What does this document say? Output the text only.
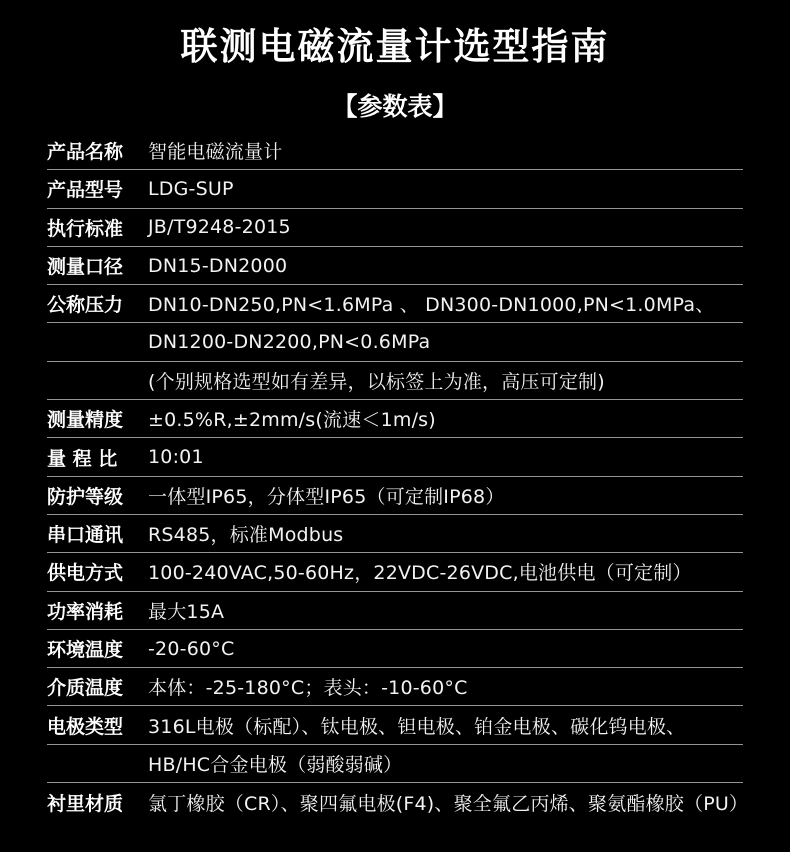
联测电磁流量计选型指南
【参数表】
产品名称	智能电磁流量计
产品型号	LDG-SUP
执行标准	JB/T9248-2015
测量口径	DN15-DN2000
公称压力	DN10-DN250,PN<1.6MPa 、 DN300-DN1000,PN<1.0MPa、
DN1200-DN2200,PN<0.6MPa
(个别规格选型如有差异，以标签上为准，高压可定制)
测量精度	±0.5%R,±2mm/s(流速＜1m/s)
量 程 比	10:01
防护等级	一体型IP65，分体型IP65（可定制IP68）
串口通讯	RS485，标准Modbus
供电方式	100-240VAC,50-60Hz，22VDC-26VDC,电池供电（可定制）
功率消耗	最大15A
环境温度	-20-60°C
介质温度	本体：-25-180°C；表头：-10-60°C
电极类型	316L电极（标配）、钛电极、钽电极、铂金电极、碳化钨电极、
HB/HC合金电极（弱酸弱碱）
衬里材质	氯丁橡胶（CR）、聚四氟电极(F4)、聚全氟乙丙烯、聚氨酯橡胶（PU）
